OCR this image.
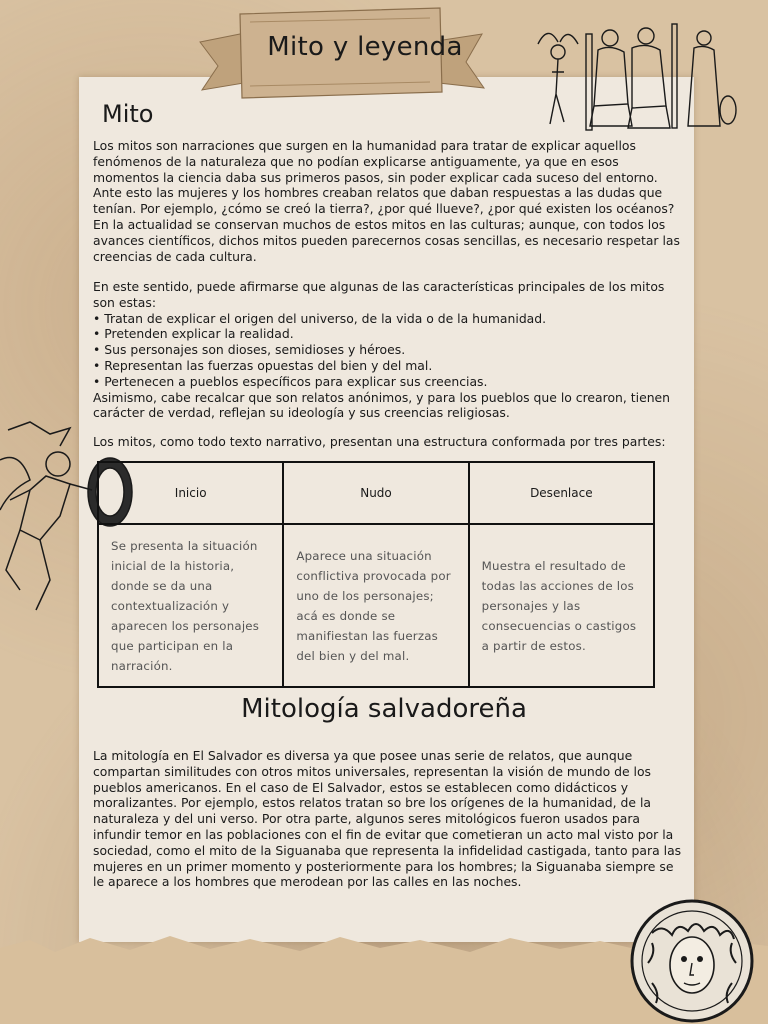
Mito y leyenda
Mito
Los mitos son narraciones que surgen en la humanidad para tratar de explicar aquellos fenómenos de la naturaleza que no podían explicarse antiguamente, ya que en esos momentos la ciencia daba sus primeros pasos, sin poder explicar cada suceso del entorno. Ante esto las mujeres y los hombres creaban relatos que daban respuestas a las dudas que tenían. Por ejemplo, ¿cómo se creó la tierra?, ¿por qué llueve?, ¿por qué existen los océanos? En la actualidad se conservan muchos de estos mitos en las culturas; aunque, con todos los avances científicos, dichos mitos pueden parecernos cosas sencillas, es necesario respetar las creencias de cada cultura.
En este sentido, puede afirmarse que algunas de las características principales de los mitos son estas:
• Tratan de explicar el origen del universo, de la vida o de la humanidad.
• Pretenden explicar la realidad.
• Sus personajes son dioses, semidioses y héroes.
• Representan las fuerzas opuestas del bien y del mal.
• Pertenecen a pueblos específicos para explicar sus creencias.
Asimismo, cabe recalcar que son relatos anónimos, y para los pueblos que lo crearon, tienen carácter de verdad, reflejan su ideología y sus creencias religiosas.
Los mitos, como todo texto narrativo, presentan una estructura conformada por tres partes:
Inicio	Nudo	Desenlace
Se presenta la situación inicial de la historia, donde se da una contextualización y aparecen los personajes que participan en la narración.	Aparece una situación conflictiva provocada por uno de los personajes; acá es donde se manifiestan las fuerzas del bien y del mal.	Muestra el resultado de todas las acciones de los personajes y las consecuencias o castigos a partir de estos.
Mitología salvadoreña
La mitología en El Salvador es diversa ya que posee unas serie de relatos, que aunque compartan similitudes con otros mitos universales, representan la visión de mundo de los pueblos americanos. En el caso de El Salvador, estos se establecen como didácticos y moralizantes. Por ejemplo, estos relatos tratan so bre los orígenes de la humanidad, de la naturaleza y del uni verso. Por otra parte, algunos seres mitológicos fueron usados para infundir temor en las poblaciones con el fin de evitar que cometieran un acto mal visto por la sociedad, como el mito de la Siguanaba que representa la infidelidad castigada, tanto para las mujeres en un primer momento y posteriormente para los hombres; la Siguanaba siempre se le aparece a los hombres que merodean por las calles en las noches.
